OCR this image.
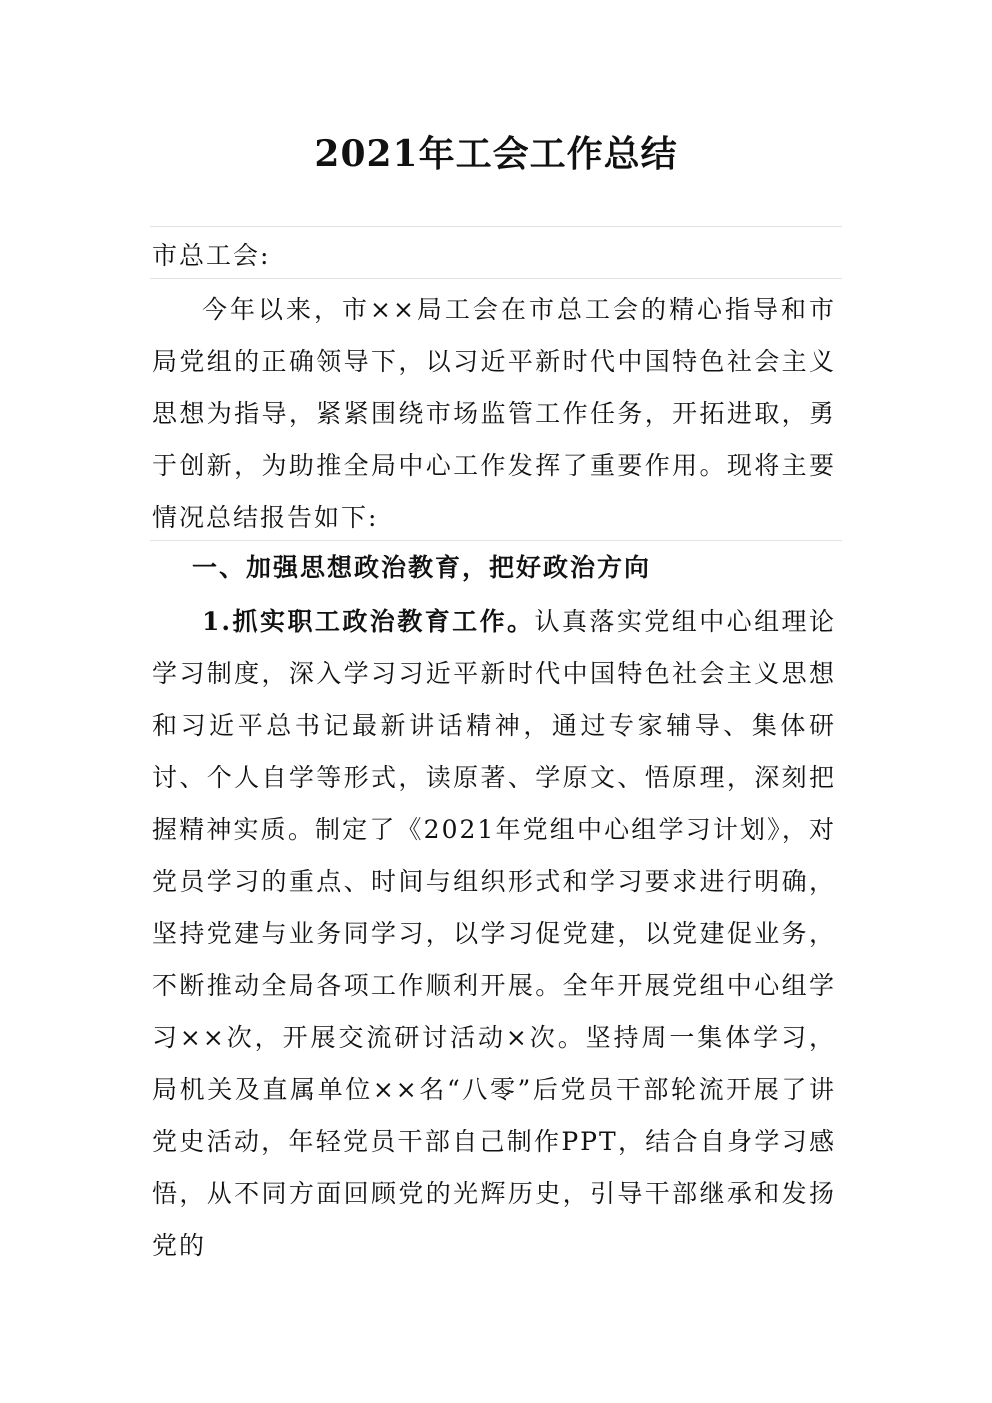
2021年工会工作总结
市总工会:

今年以来，市××局工会在市总工会的精心指导和市局党组的正确领导下，以习近平新时代中国特色社会主义思想为指导，紧紧围绕市场监管工作任务，开拓进取，勇于创新，为助推全局中心工作发挥了重要作用。现将主要情况总结报告如下:

一、加强思想政治教育，把好政治方向

1.抓实职工政治教育工作。认真落实党组中心组理论学习制度，深入学习习近平新时代中国特色社会主义思想和习近平总书记最新讲话精神，通过专家辅导、集体研讨、个人自学等形式，读原著、学原文、悟原理，深刻把握精神实质。制定了《2021年党组中心组学习计划》，对党员学习的重点、时间与组织形式和学习要求进行明确，坚持党建与业务同学习，以学习促党建，以党建促业务，不断推动全局各项工作顺利开展。全年开展党组中心组学习××次，开展交流研讨活动×次。坚持周一集体学习，局机关及直属单位××名“八零”后党员干部轮流开展了讲党史活动，年轻党员干部自己制作PPT，结合自身学习感悟，从不同方面回顾党的光辉历史，引导干部继承和发扬党的
